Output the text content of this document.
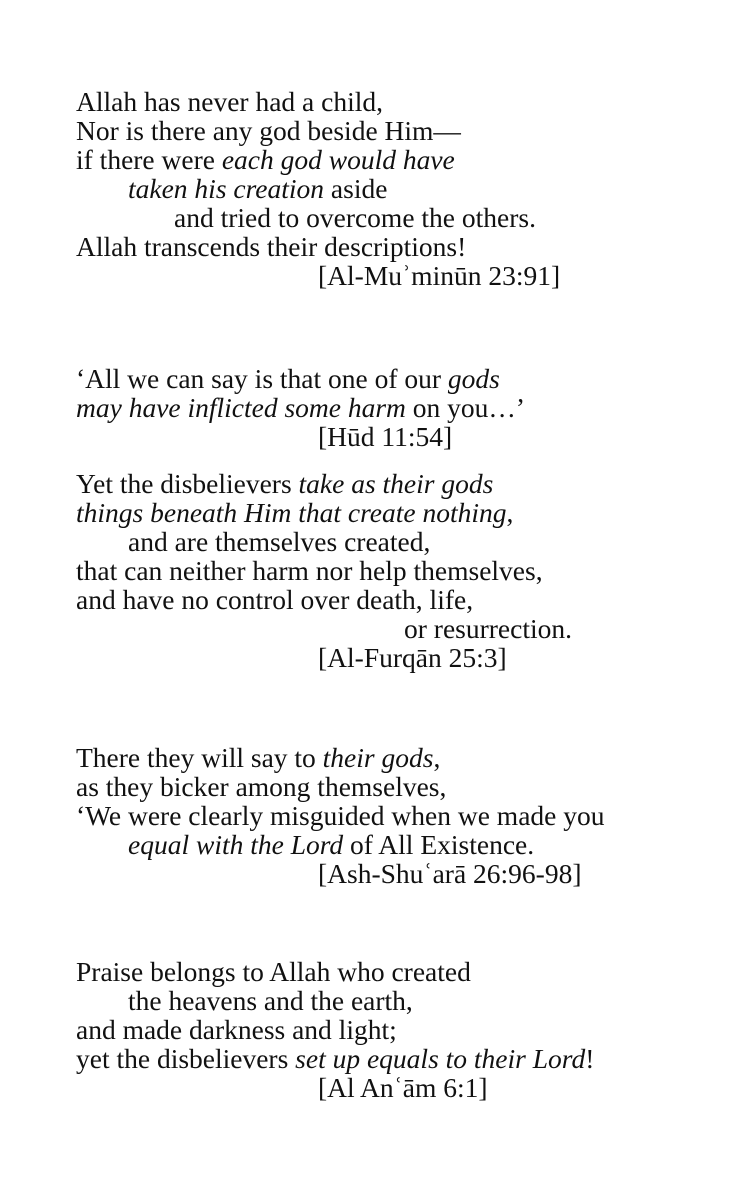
Allah has never had a child,
Nor is there any god beside Him—
if there were each god would have
taken his creation aside
and tried to overcome the others.
Allah transcends their descriptions!
[Al-Muʾminūn 23:91]
‘All we can say is that one of our gods
may have inflicted some harm on you…’
[Hūd 11:54]
Yet the disbelievers take as their gods
things beneath Him that create nothing,
and are themselves created,
that can neither harm nor help themselves,
and have no control over death, life,
or resurrection.
[Al-Furqān 25:3]
There they will say to their gods,
as they bicker among themselves,
‘We were clearly misguided when we made you
equal with the Lord of All Existence.
[Ash-Shuʿarā 26:96-98]
Praise belongs to Allah who created
the heavens and the earth,
and made darkness and light;
yet the disbelievers set up equals to their Lord!
[Al Anʿām 6:1]
